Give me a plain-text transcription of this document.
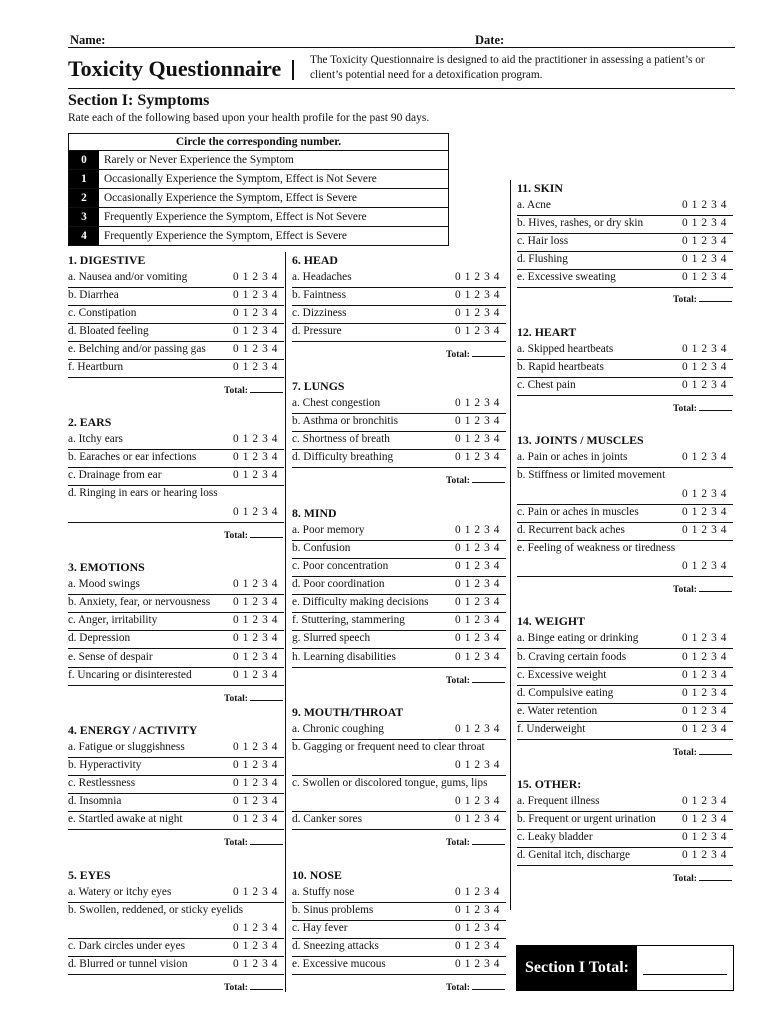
Name:	Date:
Toxicity Questionnaire	The Toxicity Questionnaire is designed to aid the practitioner in assessing a patient’s or client’s potential need for a detoxification program.
Section I: Symptoms
Rate each of the following based upon your health profile for the past 90 days.
Circle the corresponding number.
0	Rarely or Never Experience the Symptom
1	Occasionally Experience the Symptom, Effect is Not Severe
2	Occasionally Experience the Symptom, Effect is Severe
3	Frequently Experience the Symptom, Effect is Not Severe
4	Frequently Experience the Symptom, Effect is Severe
1. DIGESTIVE
a. Nausea and/or vomiting	0 1 2 3 4
b. Diarrhea	0 1 2 3 4
c. Constipation	0 1 2 3 4
d. Bloated feeling	0 1 2 3 4
e. Belching and/or passing gas 0 1 2 3 4
f. Heartburn	0 1 2 3 4
Total:
2. EARS
a. Itchy ears	0 1 2 3 4
b. Earaches or ear infections	0 1 2 3 4
c. Drainage from ear	0 1 2 3 4
d. Ringing in ears or hearing loss
0 1 2 3 4
Total:
3. EMOTIONS
a. Mood swings	0 1 2 3 4
b. Anxiety, fear, or nervousness 0 1 2 3 4
c. Anger, irritability	0 1 2 3 4
d. Depression	0 1 2 3 4
e. Sense of despair	0 1 2 3 4
f. Uncaring or disinterested	0 1 2 3 4
Total:
4. ENERGY / ACTIVITY
a. Fatigue or sluggishness	0 1 2 3 4
b. Hyperactivity	0 1 2 3 4
c. Restlessness	0 1 2 3 4
d. Insomnia	0 1 2 3 4
e. Startled awake at night	0 1 2 3 4
Total:
5. EYES
a. Watery or itchy eyes	0 1 2 3 4
b. Swollen, reddened, or sticky eyelids
0 1 2 3 4
c. Dark circles under eyes	0 1 2 3 4
d. Blurred or tunnel vision	0 1 2 3 4
Total:
6. HEAD
a. Headaches	0 1 2 3 4
b. Faintness	0 1 2 3 4
c. Dizziness	0 1 2 3 4
d. Pressure	0 1 2 3 4
Total:
7. LUNGS
a. Chest congestion	0 1 2 3 4
b. Asthma or bronchitis	0 1 2 3 4
c. Shortness of breath	0 1 2 3 4
d. Difficulty breathing	0 1 2 3 4
Total:
8. MIND
a. Poor memory	0 1 2 3 4
b. Confusion	0 1 2 3 4
c. Poor concentration	0 1 2 3 4
d. Poor coordination	0 1 2 3 4
e. Difficulty making decisions 0 1 2 3 4
f. Stuttering, stammering	0 1 2 3 4
g. Slurred speech	0 1 2 3 4
h. Learning disabilities	0 1 2 3 4
Total:
9. MOUTH/THROAT
a. Chronic coughing	0 1 2 3 4
b. Gagging or frequent need to clear throat
0 1 2 3 4
c. Swollen or discolored tongue, gums, lips
0 1 2 3 4
d. Canker sores	0 1 2 3 4
Total:
10. NOSE
a. Stuffy nose	0 1 2 3 4
b. Sinus problems	0 1 2 3 4
c. Hay fever	0 1 2 3 4
d. Sneezing attacks	0 1 2 3 4
e. Excessive mucous	0 1 2 3 4
Total:
11. SKIN
a. Acne	0 1 2 3 4
b. Hives, rashes, or dry skin	0 1 2 3 4
c. Hair loss	0 1 2 3 4
d. Flushing	0 1 2 3 4
e. Excessive sweating	0 1 2 3 4
Total:
12. HEART
a. Skipped heartbeats	0 1 2 3 4
b. Rapid heartbeats	0 1 2 3 4
c. Chest pain	0 1 2 3 4
Total:
13. JOINTS / MUSCLES
a. Pain or aches in joints	0 1 2 3 4
b. Stiffness or limited movement
0 1 2 3 4
c. Pain or aches in muscles	0 1 2 3 4
d. Recurrent back aches	0 1 2 3 4
e. Feeling of weakness or tiredness
0 1 2 3 4
Total:
14. WEIGHT
a. Binge eating or drinking	0 1 2 3 4
b. Craving certain foods	0 1 2 3 4
c. Excessive weight	0 1 2 3 4
d. Compulsive eating	0 1 2 3 4
e. Water retention	0 1 2 3 4
f. Underweight	0 1 2 3 4
Total:
15. OTHER:
a. Frequent illness	0 1 2 3 4
b. Frequent or urgent urination 0 1 2 3 4
c. Leaky bladder	0 1 2 3 4
d. Genital itch, discharge	0 1 2 3 4
Total:
Section I Total:
